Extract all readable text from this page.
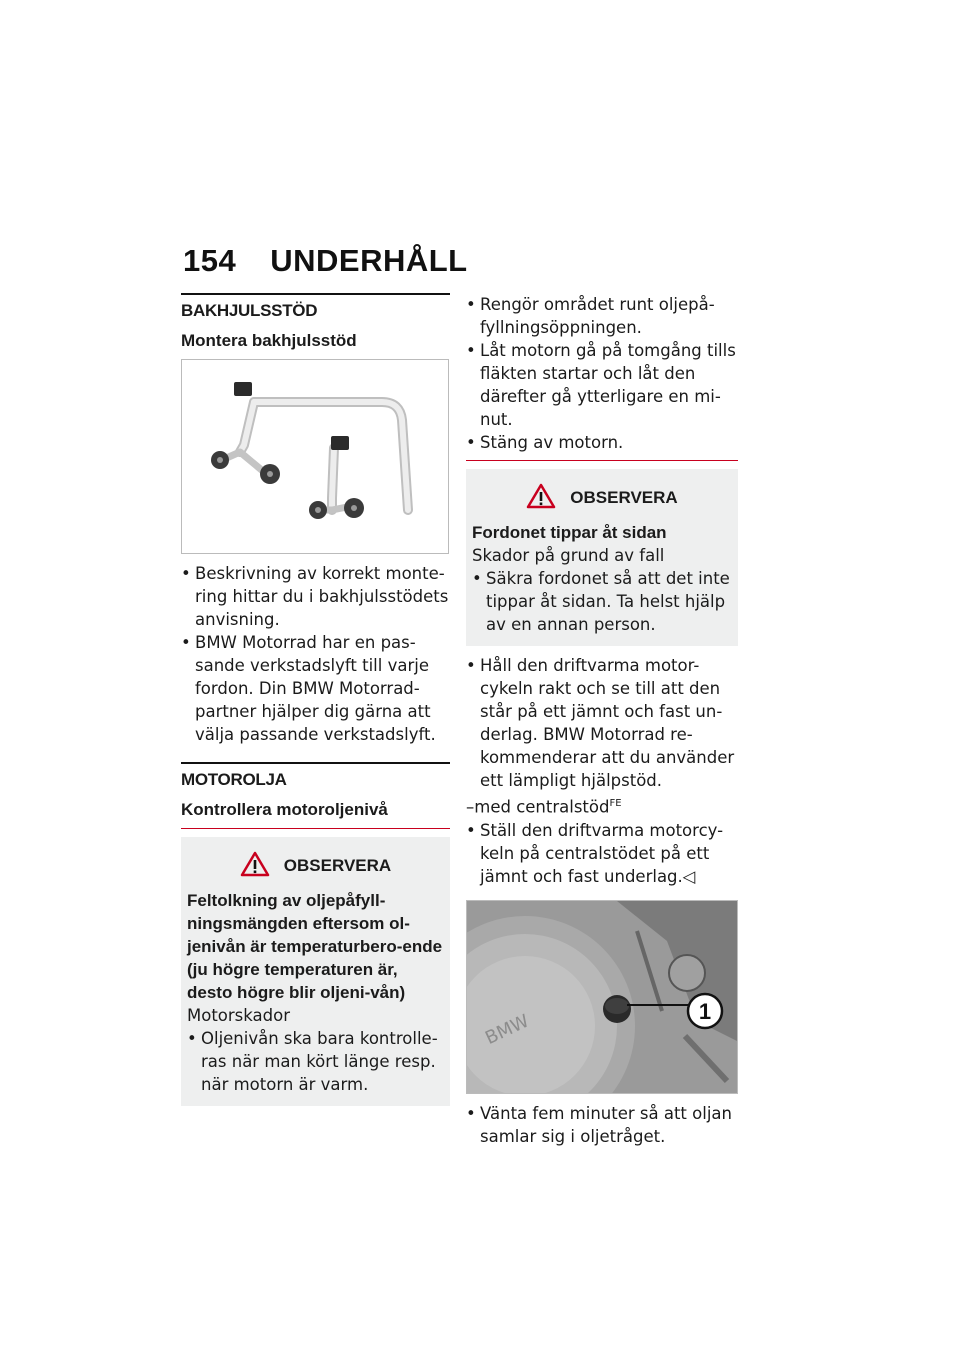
154 UNDERHÅLL
BAKHJULSSTÖD
Montera bakhjulsstöd
• Beskrivning av korrekt monte-ring hittar du i bakhjulsstödets anvisning.
• BMW Motorrad har en pas-sande verkstadslyft till varje fordon. Din BMW Motorrad-partner hjälper dig gärna att välja passande verkstadslyft.
MOTOROLJA
Kontrollera motoroljenivå
OBSERVERA
Feltolkning av oljepåfyll-ningsmängden eftersom ol-jenivån är temperaturbero-ende (ju högre temperaturen är, desto högre blir oljeni-vån)
Motorskador
• Oljenivån ska bara kontrolle-ras när man kört länge resp. när motorn är varm.
• Rengör området runt oljepå-fyllningsöppningen.
• Låt motorn gå på tomgång tills fläkten startar och låt den därefter gå ytterligare en mi-nut.
• Stäng av motorn.
OBSERVERA
Fordonet tippar åt sidan
Skador på grund av fall
• Säkra fordonet så att det inte tippar åt sidan. Ta helst hjälp av en annan person.
• Håll den driftvarma motor-cykeln rakt och se till att den står på ett jämnt och fast un-derlag. BMW Motorrad re-kommenderar att du använder ett lämpligt hjälpstöd.
–med centralstöd$^{FE}$
• Ställ den driftvarma motorcy-keln på centralstödet på ett jämnt och fast underlag.◁
BMW	1
• Vänta fem minuter så att oljan samlar sig i oljetråget.
